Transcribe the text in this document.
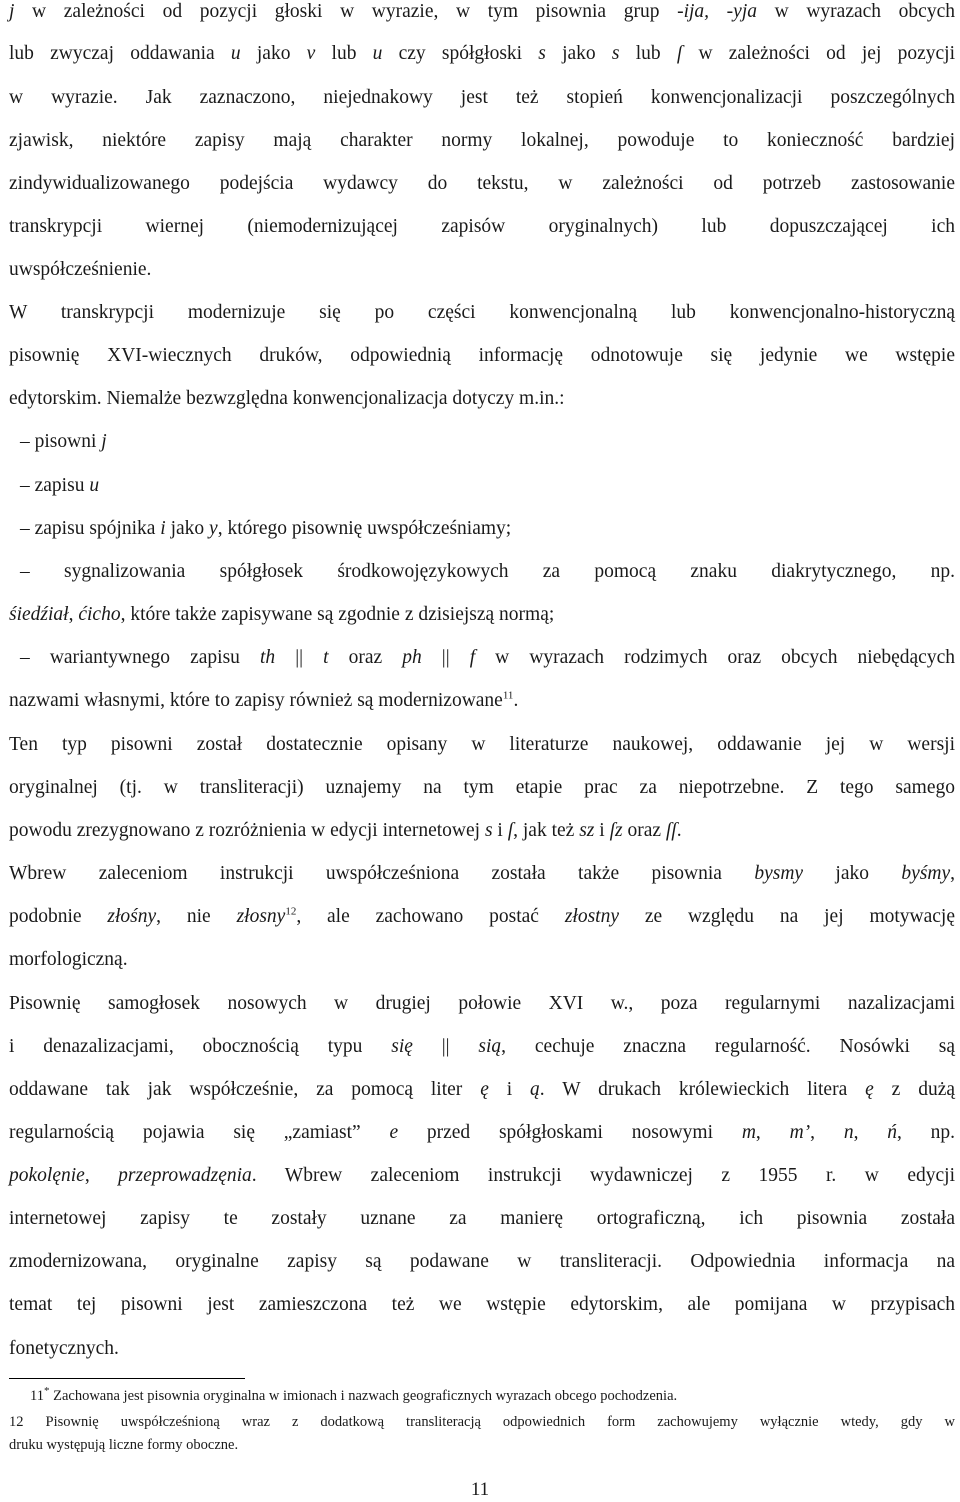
j w zależności od pozycji głoski w wyrazie, w tym pisownia grup -ija, -yja w wyrazach obcych
lub zwyczaj oddawania u jako v lub u czy spółgłoski s jako s lub ſ w zależności od jej pozycji
w wyrazie. Jak zaznaczono, niejednakowy jest też stopień konwencjonalizacji poszczególnych
zjawisk, niektóre zapisy mają charakter normy lokalnej, powoduje to konieczność bardziej
zindywidualizowanego podejścia wydawcy do tekstu, w zależności od potrzeb zastosowanie
transkrypcji wiernej (niemodernizującej zapisów oryginalnych) lub dopuszczającej ich
uwspółcześnienie.
W transkrypcji modernizuje się po części konwencjonalną lub konwencjonalno-historyczną
pisownię XVI-wiecznych druków, odpowiednią informację odnotowuje się jedynie we wstępie
edytorskim. Niemalże bezwzględna konwencjonalizacja dotyczy m.in.:
– pisowni j
– zapisu u
– zapisu spójnika i jako y, którego pisownię uwspółcześniamy;
– sygnalizowania spółgłosek środkowojęzykowych za pomocą znaku diakrytycznego, np.
śiedźiał, ćicho, które także zapisywane są zgodnie z dzisiejszą normą;
– wariantywnego zapisu th || t oraz ph || f w wyrazach rodzimych oraz obcych niebędących
nazwami własnymi, które to zapisy również są modernizowane$^{11}$.
Ten typ pisowni został dostatecznie opisany w literaturze naukowej, oddawanie jej w wersji
oryginalnej (tj. w transliteracji) uznajemy na tym etapie prac za niepotrzebne. Z tego samego
powodu zrezygnowano z rozróżnienia w edycji internetowej s i ſ, jak też sz i ſz oraz ſſ.
Wbrew zaleceniom instrukcji uwspółcześniona została także pisownia bysmy jako byśmy,
podobnie złośny, nie złosny$^{12}$, ale zachowano postać złostny ze względu na jej motywację
morfologiczną.
Pisownię samogłosek nosowych w drugiej połowie XVI w., poza regularnymi nazalizacjami
i denazalizacjami, obocznością typu się || sią, cechuje znaczna regularność. Nosówki są
oddawane tak jak współcześnie, za pomocą liter ę i ą. W drukach królewieckich litera ę z dużą
regularnością pojawia się „zamiast” e przed spółgłoskami nosowymi m, m’, n, ń, np.
pokolęnie, przeprowadzęnia. Wbrew zaleceniom instrukcji wydawniczej z 1955 r. w edycji
internetowej zapisy te zostały uznane za manierę ortograficzną, ich pisownia została
zmodernizowana, oryginalne zapisy są podawane w transliteracji. Odpowiednia informacja na
temat tej pisowni jest zamieszczona też we wstępie edytorskim, ale pomijana w przypisach
fonetycznych.
11* Zachowana jest pisownia oryginalna w imionach i nazwach geograficznych wyrazach obcego pochodzenia.
12 Pisownię uwspółcześnioną wraz z dodatkową transliteracją odpowiednich form zachowujemy wyłącznie wtedy, gdy w
druku występują liczne formy oboczne.
11
